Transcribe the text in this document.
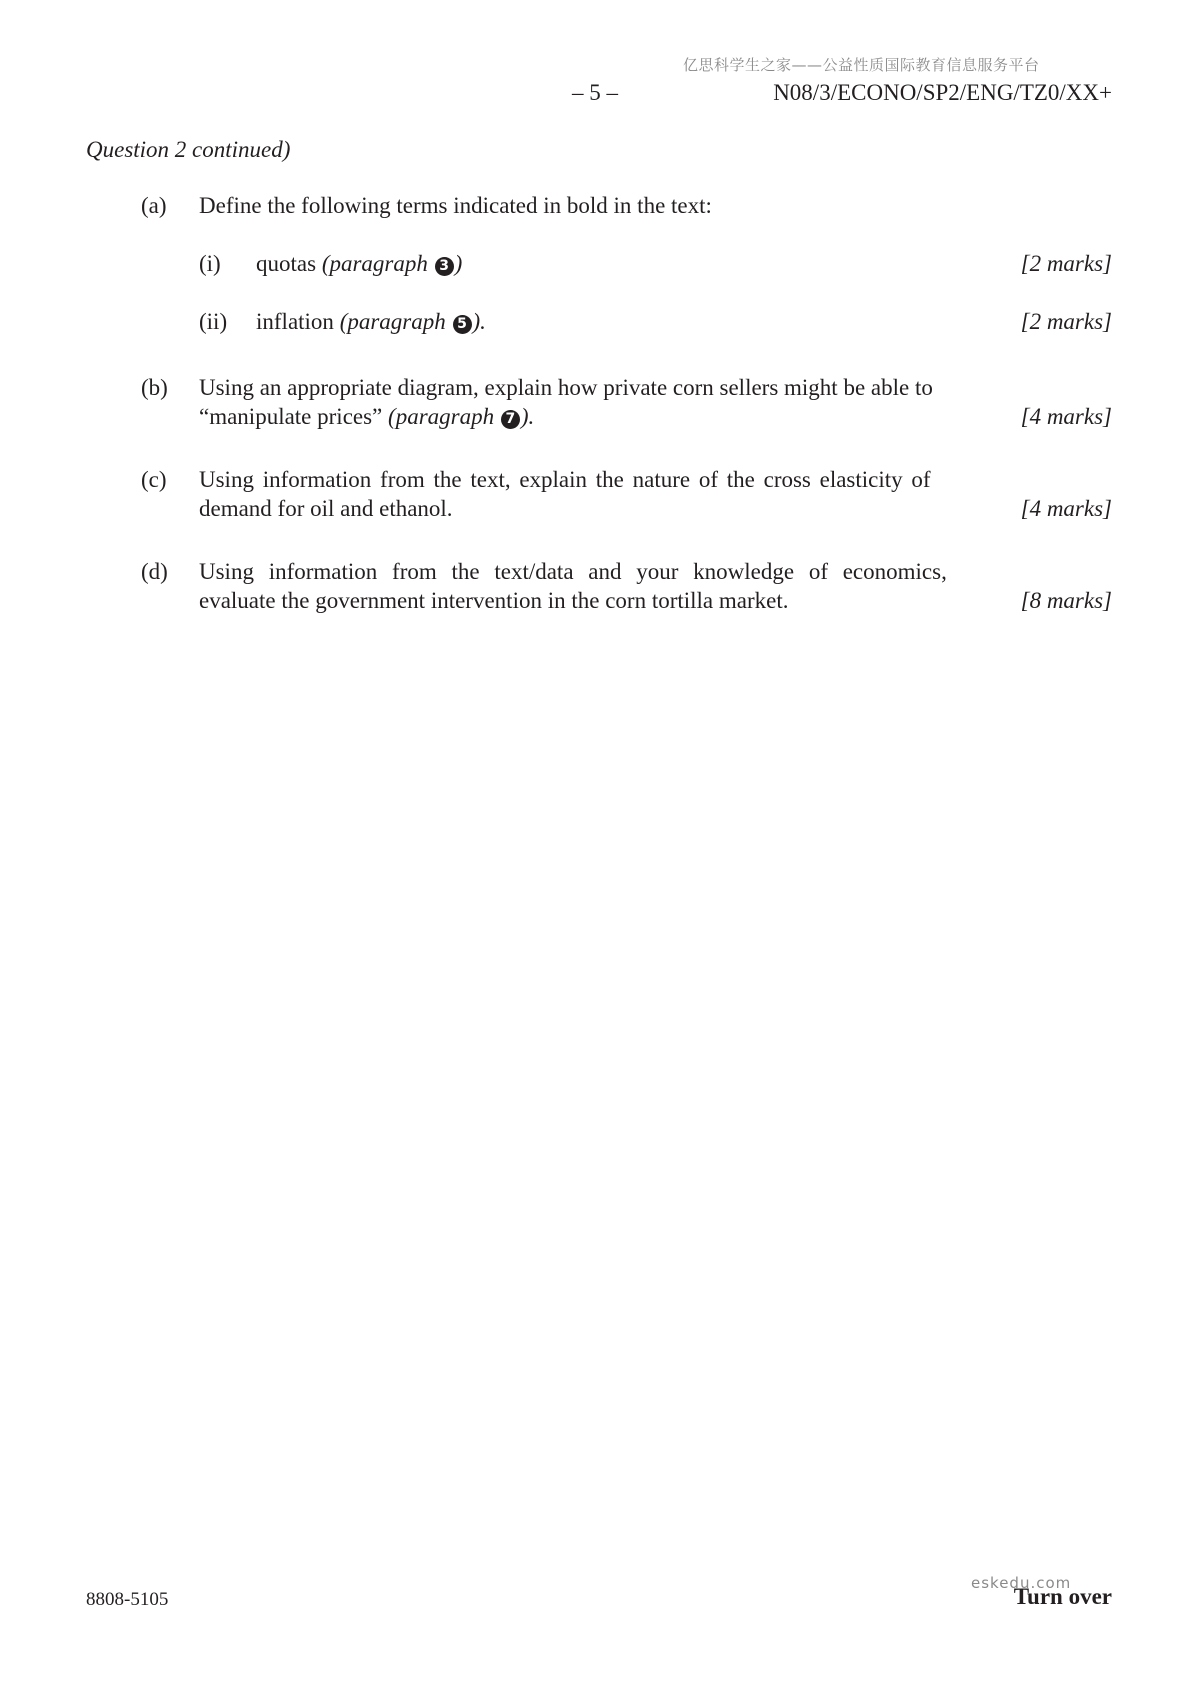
亿思科学生之家——公益性质国际教育信息服务平台
– 5 –	N08/3/ECONO/SP2/ENG/TZ0/XX+
Question 2 continued)
(a) Define the following terms indicated in bold in the text:
(i) quotas (paragraph 3 )	[2 marks]
(ii) inflation (paragraph 5 ).	[2 marks]
(b) Using an appropriate diagram, explain how private corn sellers might be able to
“manipulate prices” (paragraph 7 ).	[4 marks]
(c) Using information from the text, explain the nature of the cross elasticity of
demand for oil and ethanol.	[4 marks]
(d) Using information from the text/data and your knowledge of economics,
evaluate the government intervention in the corn tortilla market.	[8 marks]
eskedu.com
8808-5105	Turn over
